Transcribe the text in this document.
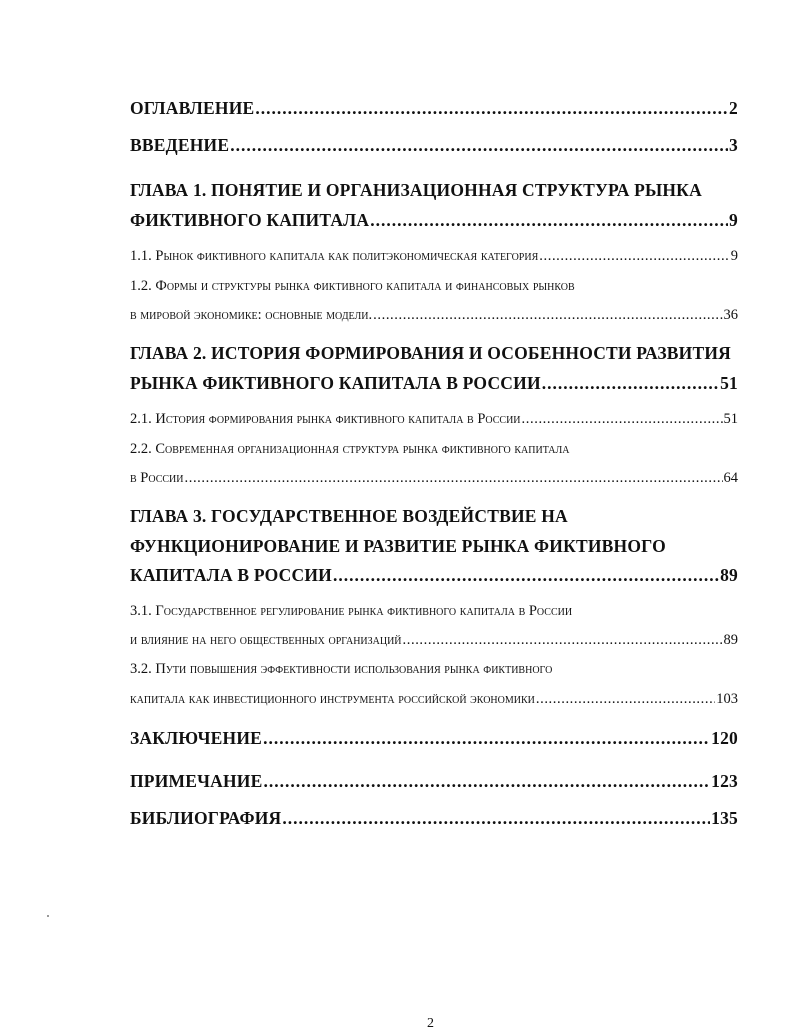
ОГЛАВЛЕНИЕ .....	2
ВВЕДЕНИЕ .....	3
ГЛАВА 1. ПОНЯТИЕ И ОРГАНИЗАЦИОННАЯ СТРУКТУРА РЫНКА
ФИКТИВНОГО КАПИТАЛА .....	9
1.1. Рынок фиктивного капитала как политэкономическая категория .....	9
1.2. Формы и структуры рынка фиктивного капитала и финансовых рынков
в мировой экономике: основные модели. .....	36
ГЛАВА 2. ИСТОРИЯ ФОРМИРОВАНИЯ И ОСОБЕННОСТИ РАЗВИТИЯ
РЫНКА ФИКТИВНОГО КАПИТАЛА В РОССИИ .....	51
2.1. История формирования рынка фиктивного капитала в России .....	51
2.2. Современная организационная структура рынка фиктивного капитала
в России .....	64
ГЛАВА 3. ГОСУДАРСТВЕННОЕ ВОЗДЕЙСТВИЕ НА
ФУНКЦИОНИРОВАНИЕ И РАЗВИТИЕ РЫНКА ФИКТИВНОГО
КАПИТАЛА В РОССИИ .....	89
3.1. Государственное регулирование рынка фиктивного капитала в России
и влияние на него общественных организаций .....	89
3.2. Пути повышения эффективности использования рынка фиктивного
капитала как инвестиционного инструмента российской экономики .....	103
ЗАКЛЮЧЕНИЕ .....	120
ПРИМЕЧАНИЕ .....	123
БИБЛИОГРАФИЯ .....	135
2
